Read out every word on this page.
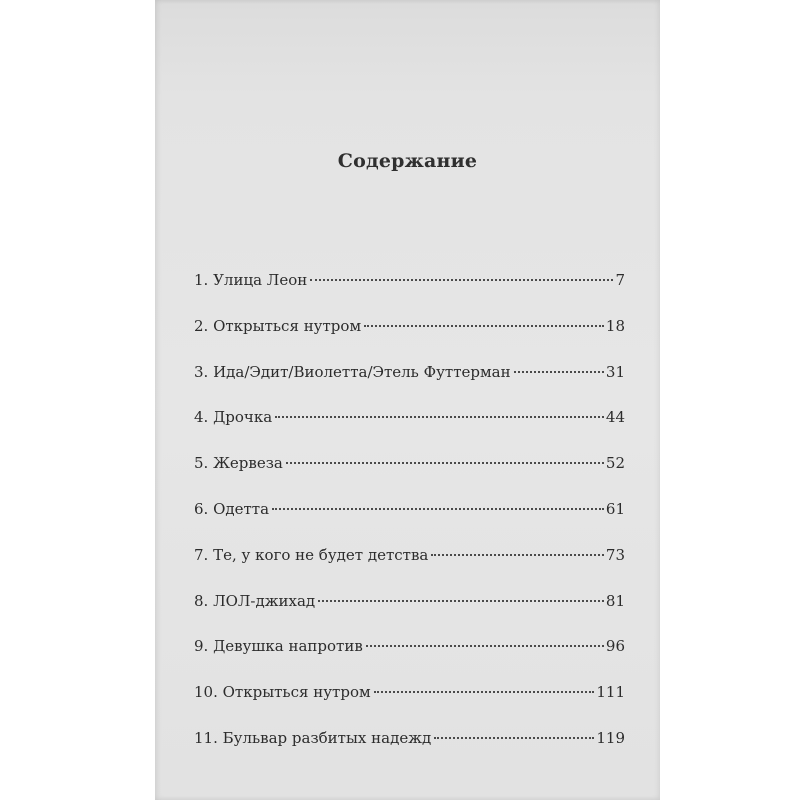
Содержание
1. Улица Леон	7
2. Открыться нутром	18
3. Ида/Эдит/Виолетта/Этель Футтерман	31
4. Дрочка	44
5. Жервеза	52
6. Одетта	61
7. Те, у кого не будет детства	73
8. ЛОЛ-джихад	81
9. Девушка напротив	96
10. Открыться нутром	111
11. Бульвар разбитых надежд	119
